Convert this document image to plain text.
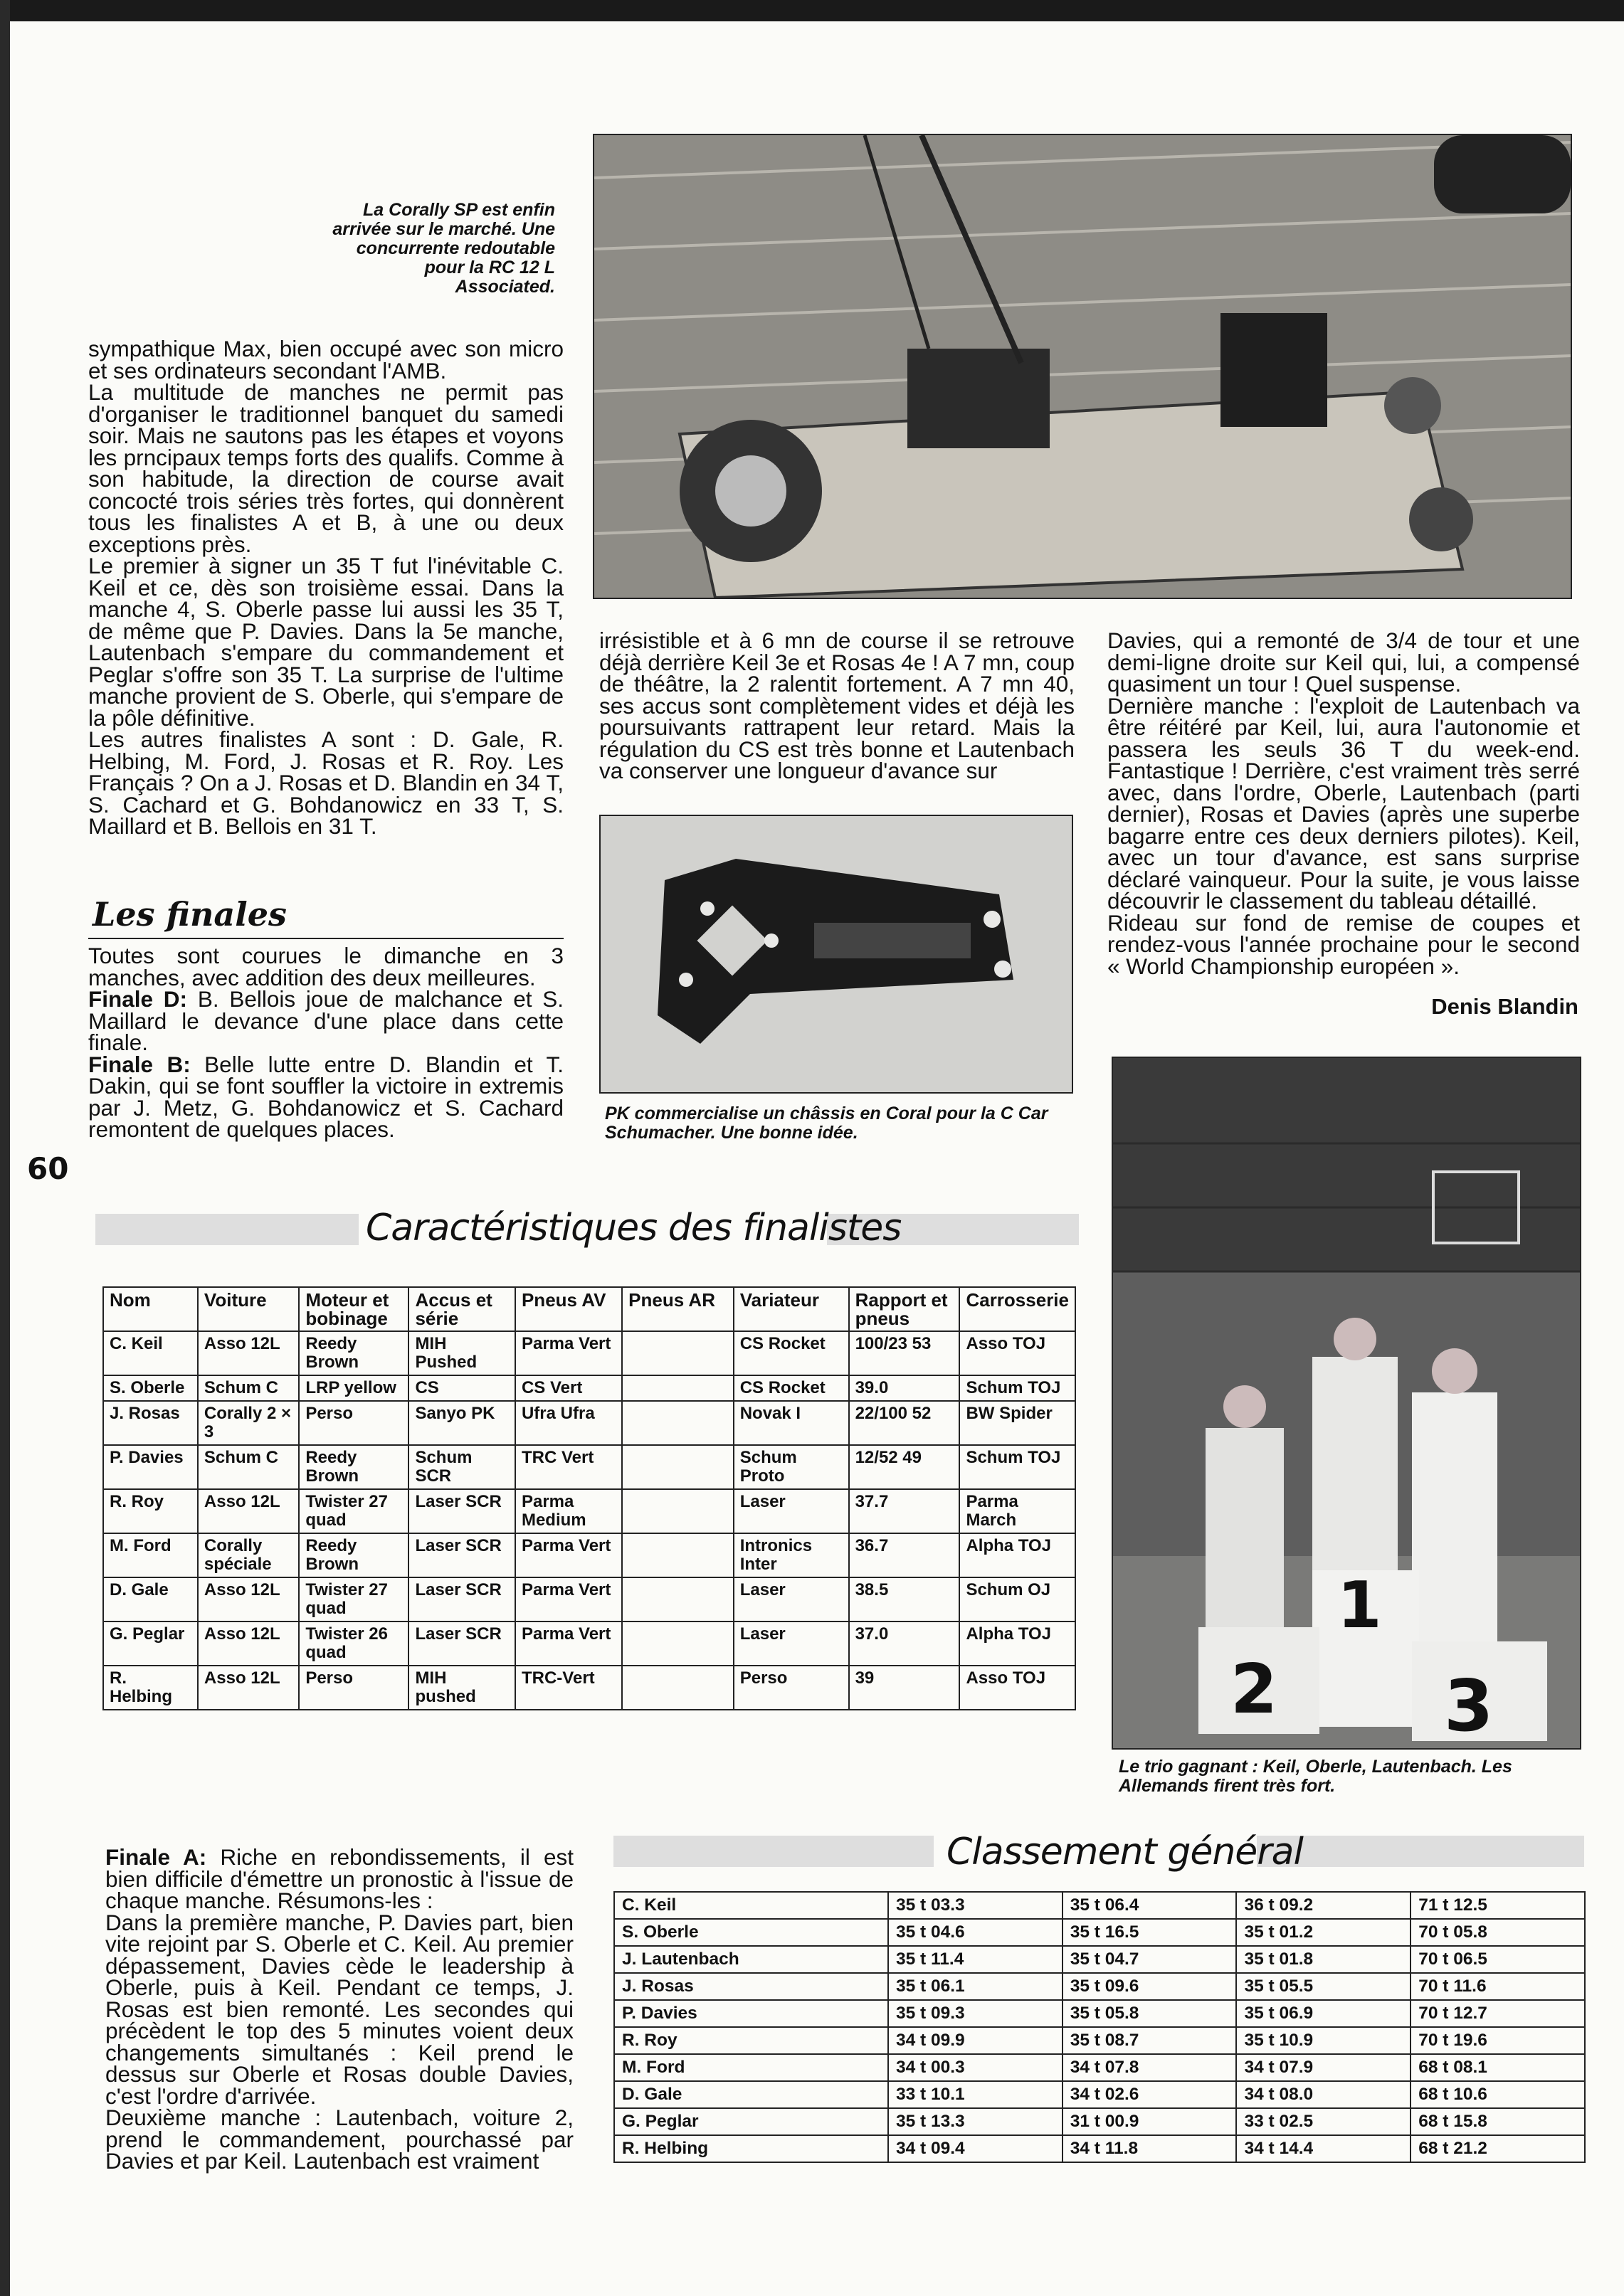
La Corally SP est enfin arrivée sur le marché. Une concurrente redoutable pour la RC 12 L Associated.

sympathique Max, bien occupé avec son micro et ses ordinateurs secondant l'AMB.

La multitude de manches ne permit pas d'organiser le traditionnel banquet du samedi soir. Mais ne sautons pas les étapes et voyons les prncipaux temps forts des qualifs. Comme à son habitude, la direction de course avait concocté trois séries très fortes, qui donnèrent tous les finalistes A et B, à une ou deux exceptions près.

Le premier à signer un 35 T fut l'inévitable C. Keil et ce, dès son troisième essai. Dans la manche 4, S. Oberle passe lui aussi les 35 T, de même que P. Davies. Dans la 5e manche, Lautenbach s'empare du commandement et Peglar s'offre son 35 T. La surprise de l'ultime manche provient de S. Oberle, qui s'empare de la pôle définitive.

Les autres finalistes A sont : D. Gale, R. Helbing, M. Ford, J. Rosas et R. Roy. Les Français ? On a J. Rosas et D. Blandin en 34 T, S. Cachard et G. Bohdanowicz en 33 T, S. Maillard et B. Bellois en 31 T.

Les finales

Toutes sont courues le dimanche en 3 manches, avec addition des deux meilleures.

Finale D: B. Bellois joue de malchance et S. Maillard le devance d'une place dans cette finale.

Finale B: Belle lutte entre D. Blandin et T. Dakin, qui se font souffler la victoire in extremis par J. Metz, G. Bohdanowicz et S. Cachard remontent de quelques places.

60

irrésistible et à 6 mn de course il se retrouve déjà derrière Keil 3e et Rosas 4e ! A 7 mn, coup de théâtre, la 2 ralentit fortement. A 7 mn 40, ses accus sont complètement vides et déjà les poursuivants rattrapent leur retard. Mais la régulation du CS est très bonne et Lautenbach va conserver une longueur d'avance sur

PK commercialise un châssis en Coral pour la C Car Schumacher. Une bonne idée.

Davies, qui a remonté de 3/4 de tour et une demi-ligne droite sur Keil qui, lui, a compensé quasiment un tour ! Quel suspense.

Dernière manche : l'exploit de Lautenbach va être réitéré par Keil, lui, aura l'autonomie et passera les seuls 36 T du week-end. Fantastique ! Derrière, c'est vraiment très serré avec, dans l'ordre, Oberle, Lautenbach (parti dernier), Rosas et Davies (après une superbe bagarre entre ces deux derniers pilotes). Keil, avec un tour d'avance, est sans surprise déclaré vainqueur. Pour la suite, je vous laisse découvrir le classement du tableau détaillé.

Rideau sur fond de remise de coupes et rendez-vous l'année prochaine pour le second « World Championship européen ».

Denis Blandin
1
2 3
Le trio gagnant : Keil, Oberle, Lautenbach. Les Allemands firent très fort.
Caractéristiques des finalistes
Nom	Voiture	Moteur et bobinage	Accus et série	Pneus AV	Pneus AR	Variateur	Rapport et pneus	Carrosserie
C. Keil	Asso 12L	Reedy Brown	MIH Pushed	Parma Vert		CS Rocket	100/23 53	Asso TOJ
S. Oberle	Schum C	LRP yellow	CS	CS Vert		CS Rocket	39.0	Schum TOJ
J. Rosas	Corally 2 × 3	Perso	Sanyo PK	Ufra Ufra		Novak I	22/100 52	BW Spider
P. Davies	Schum C	Reedy Brown	Schum SCR	TRC Vert		Schum Proto	12/52 49	Schum TOJ
R. Roy	Asso 12L	Twister 27 quad	Laser SCR	Parma Medium		Laser	37.7	Parma March
M. Ford	Corally spéciale	Reedy Brown	Laser SCR	Parma Vert		Intronics Inter	36.7	Alpha TOJ
D. Gale	Asso 12L	Twister 27 quad	Laser SCR	Parma Vert		Laser	38.5	Schum OJ
G. Peglar	Asso 12L	Twister 26 quad	Laser SCR	Parma Vert		Laser	37.0	Alpha TOJ
R. Helbing	Asso 12L	Perso	MIH pushed	TRC-Vert		Perso	39	Asso TOJ

Finale A: Riche en rebondissements, il est bien difficile d'émettre un pronostic à l'issue de chaque manche. Résumons-les :

Dans la première manche, P. Davies part, bien vite rejoint par S. Oberle et C. Keil. Au premier dépassement, Davies cède le leadership à Oberle, puis à Keil. Pendant ce temps, J. Rosas est bien remonté. Les secondes qui précèdent le top des 5 minutes voient deux changements simultanés : Keil prend le dessus sur Oberle et Rosas double Davies, c'est l'ordre d'arrivée.

Deuxième manche : Lautenbach, voiture 2, prend le commandement, pourchassé par Davies et par Keil. Lautenbach est vraiment

Classement général
C. Keil	35 t 03.3	35 t 06.4	36 t 09.2	71 t 12.5
S. Oberle	35 t 04.6	35 t 16.5	35 t 01.2	70 t 05.8
J. Lautenbach	35 t 11.4	35 t 04.7	35 t 01.8	70 t 06.5
J. Rosas	35 t 06.1	35 t 09.6	35 t 05.5	70 t 11.6
P. Davies	35 t 09.3	35 t 05.8	35 t 06.9	70 t 12.7
R. Roy	34 t 09.9	35 t 08.7	35 t 10.9	70 t 19.6
M. Ford	34 t 00.3	34 t 07.8	34 t 07.9	68 t 08.1
D. Gale	33 t 10.1	34 t 02.6	34 t 08.0	68 t 10.6
G. Peglar	35 t 13.3	31 t 00.9	33 t 02.5	68 t 15.8
R. Helbing	34 t 09.4	34 t 11.8	34 t 14.4	68 t 21.2
